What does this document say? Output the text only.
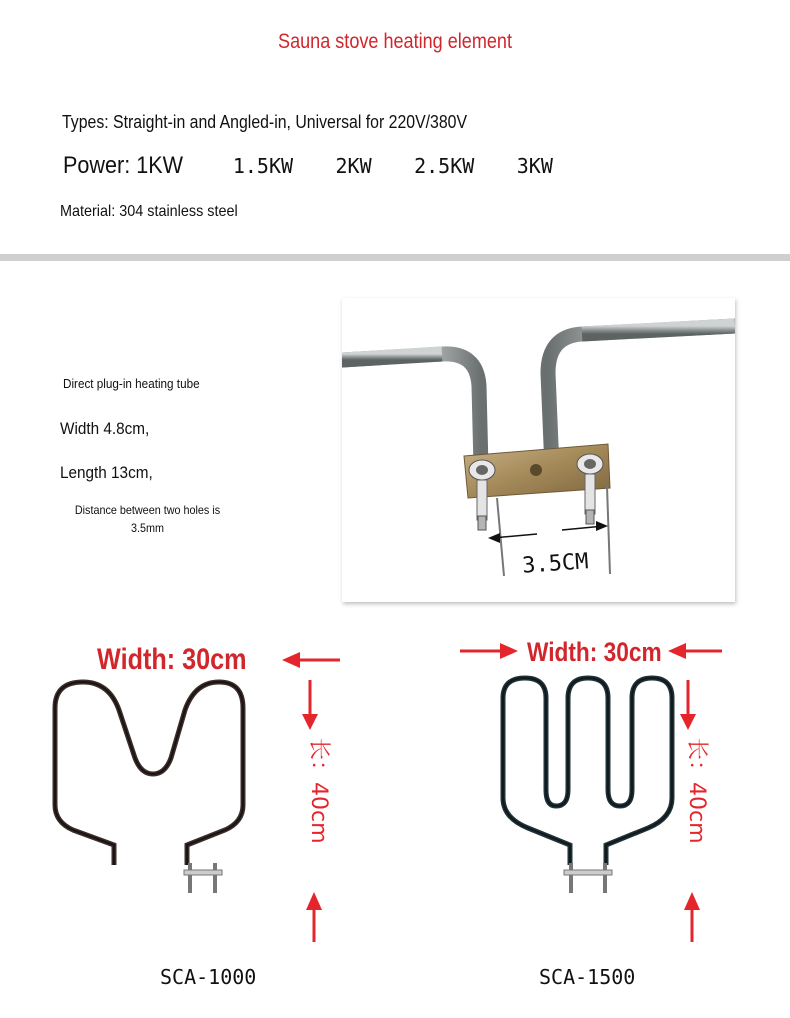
Sauna stove heating element
Types: Straight-in and Angled-in, Universal for 220V/380V
Power: 1KW 1.5KW 2KW 2.5KW 3KW
Material: 304 stainless steel
Direct plug-in heating tube
Width 4.8cm,
Length 13cm,
Distance between two holes is
3.5mm
3.5CM
长：40cm
Width: 30cm
SCA-1000
长：40cm
Width: 30cm
SCA-1500
